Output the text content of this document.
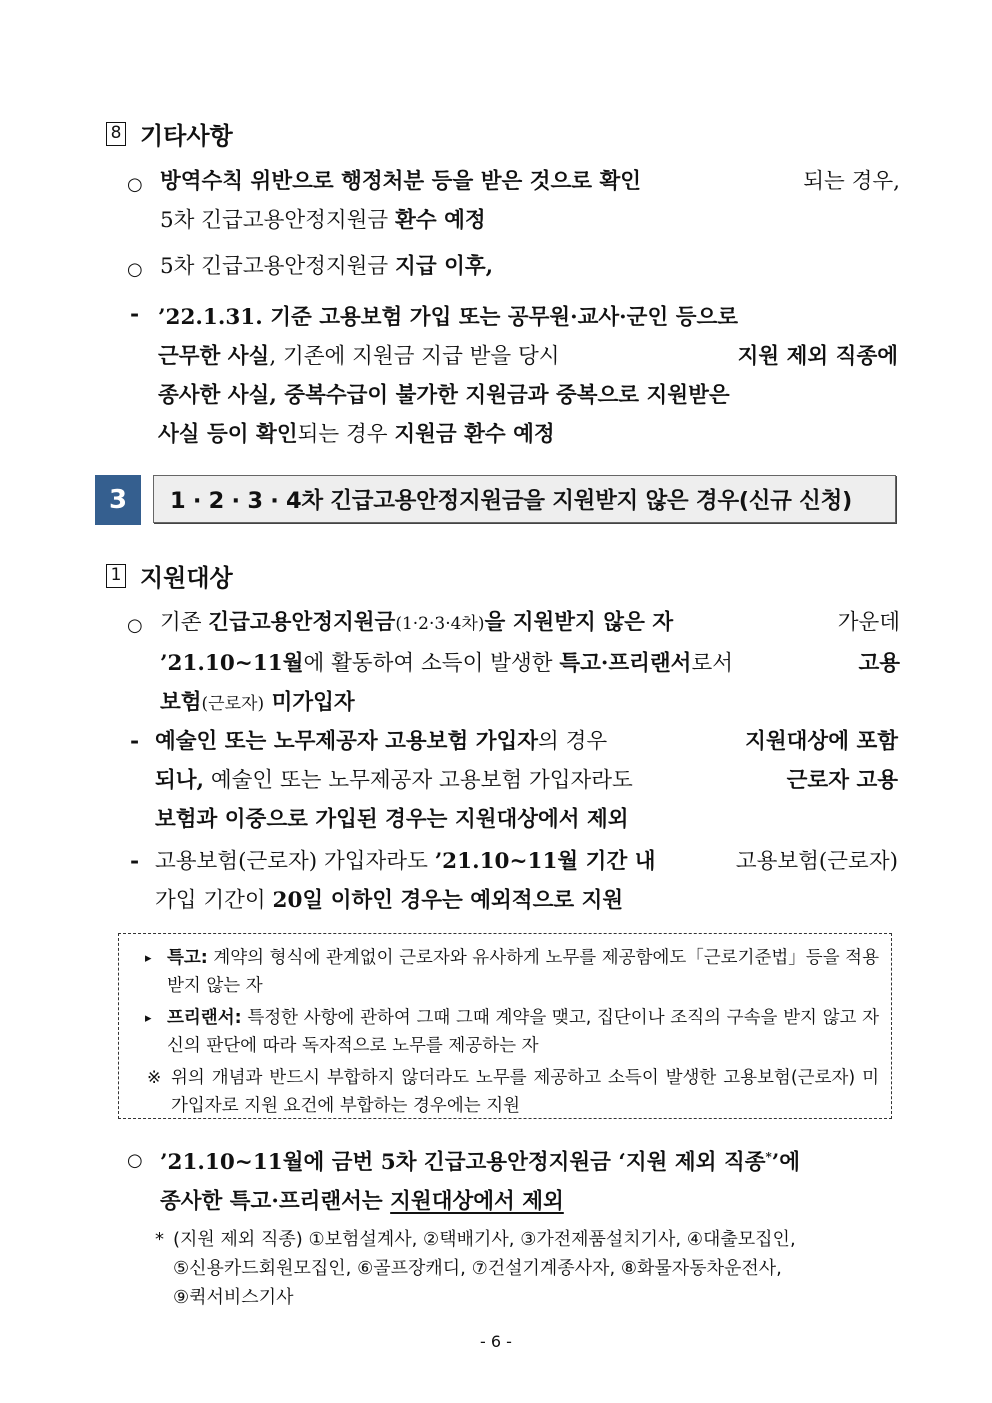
8 기타사항
○ 방역수칙 위반으로 행정처분 등을 받은 것으로 확인	되는 경우,
5차 긴급고용안정지원금 환수 예정
○ 5차 긴급고용안정지원금 지급 이후,
- ’22.1.31. 기준 고용보험 가입 또는 공무원·교사·군인 등으로
근무한 사실, 기존에 지원금 지급 받을 당시	지원 제외 직종에
종사한 사실, 중복수급이 불가한 지원금과 중복으로 지원받은
사실 등이 확인되는 경우 지원금 환수 예정
3	1 · 2 · 3 · 4차 긴급고용안정지원금을 지원받지 않은 경우(신규 신청)
1 지원대상
○ 기존 긴급고용안정지원금(1·2·3·4차)을 지원받지 않은 자	가운데
’21.10~11월에 활동하여 소득이 발생한 특고·프리랜서로서	고용
보험(근로자) 미가입자
- 예술인 또는 노무제공자 고용보험 가입자의 경우	지원대상에 포함
되나, 예술인 또는 노무제공자 고용보험 가입자라도	근로자 고용
보험과 이중으로 가입된 경우는 지원대상에서 제외
- 고용보험(근로자) 가입자라도 ’21.10~11월 기간 내	고용보험(근로자)
가입 기간이 20일 이하인 경우는 예외적으로 지원
▸ 특고: 계약의 형식에 관계없이 근로자와 유사하게 노무를 제공함에도「근로기준법」등을 적용받지 않는 자
▸ 프리랜서: 특정한 사항에 관하여 그때 그때 계약을 맺고, 집단이나 조직의 구속을 받지 않고 자신의 판단에 따라 독자적으로 노무를 제공하는 자
※ 위의 개념과 반드시 부합하지 않더라도 노무를 제공하고 소득이 발생한 고용보험(근로자) 미가입자로 지원 요건에 부합하는 경우에는 지원
○ ’21.10~11월에 금번 5차 긴급고용안정지원금 ‘지원 제외 직종*’에
종사한 특고·프리랜서는 지원대상에서 제외
* (지원 제외 직종) ①보험설계사, ②택배기사, ③가전제품설치기사, ④대출모집인,
⑤신용카드회원모집인, ⑥골프장캐디, ⑦건설기계종사자, ⑧화물자동차운전사,
⑨퀵서비스기사
- 6 -
